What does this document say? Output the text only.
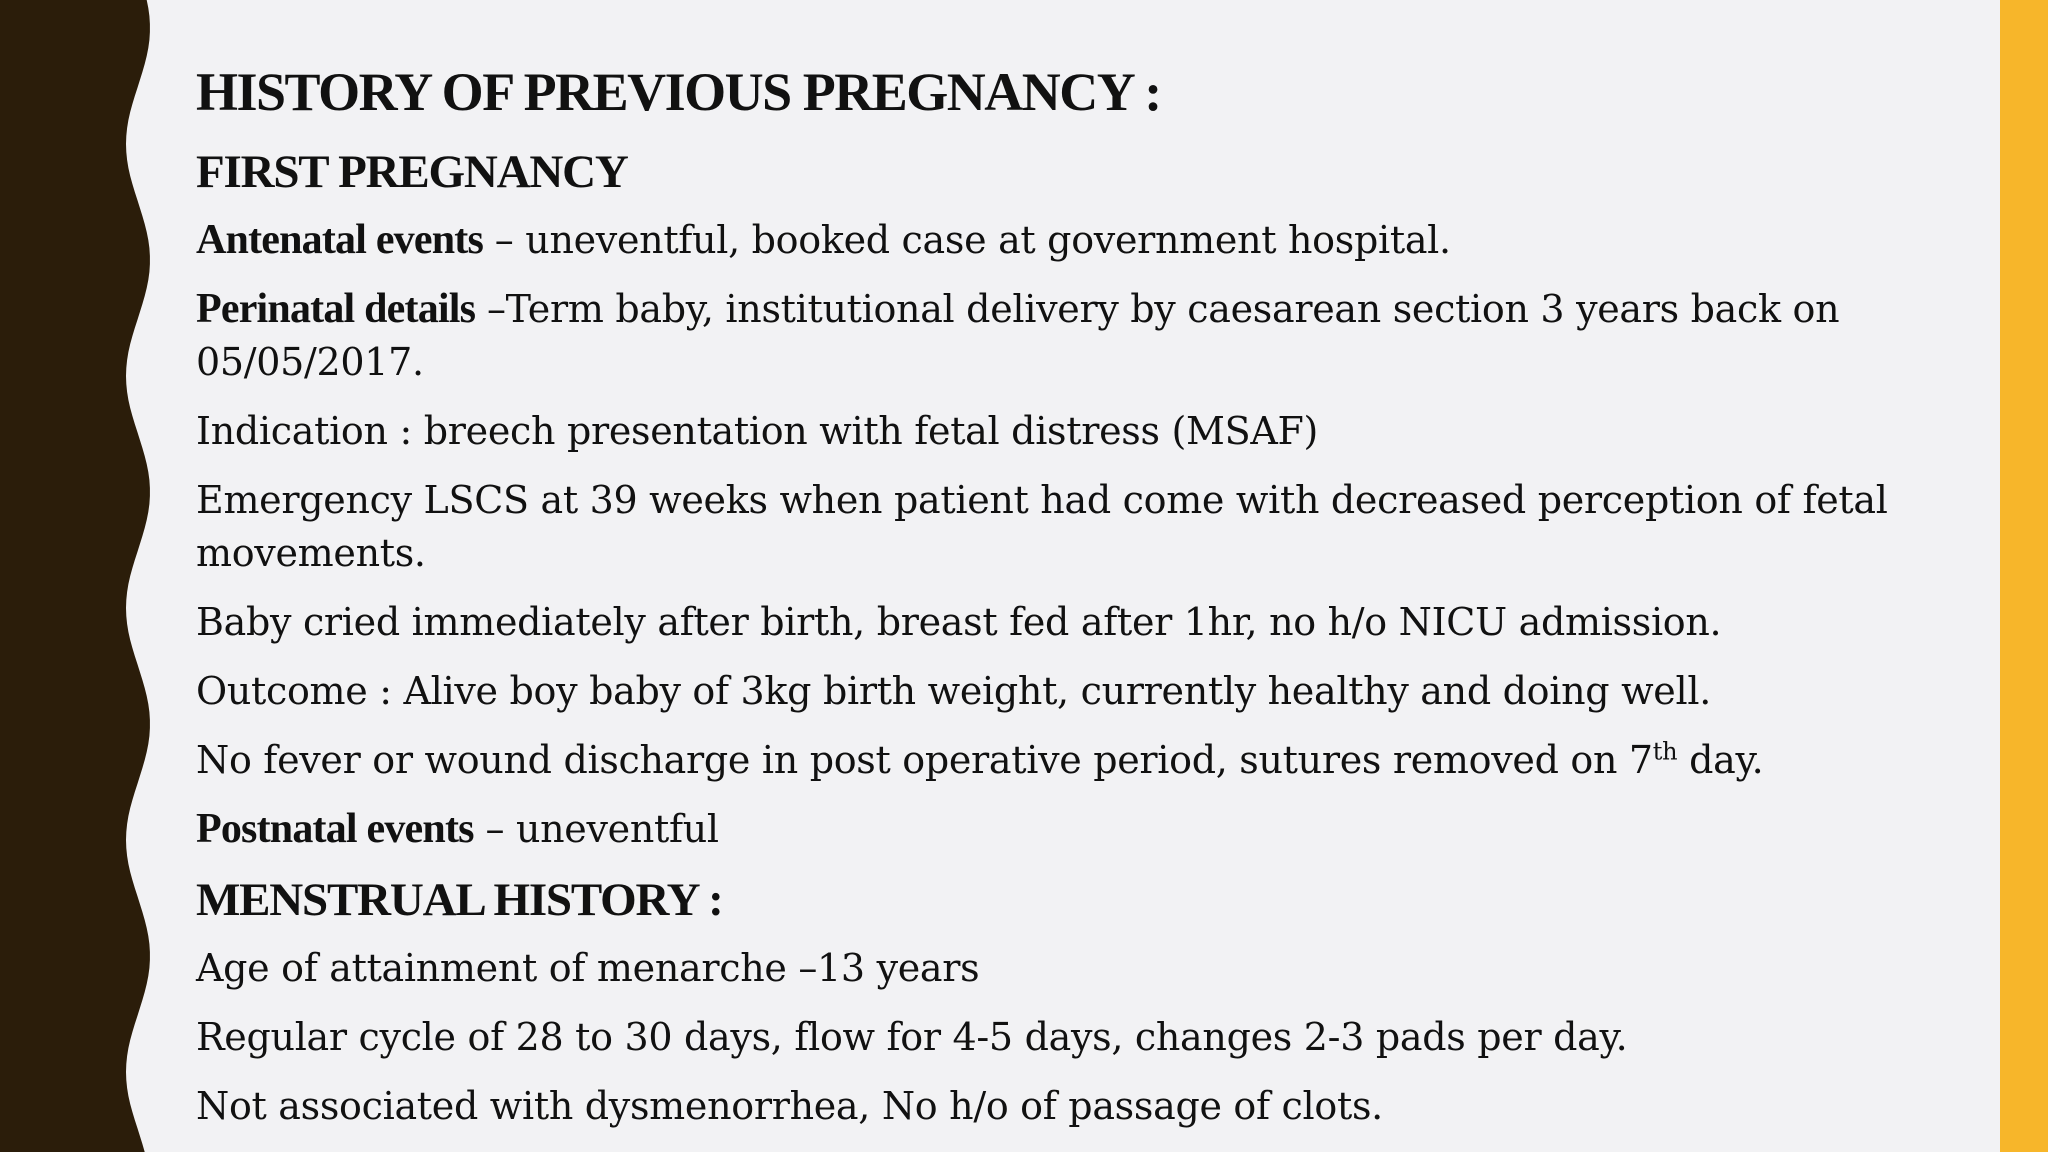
HISTORY OF PREVIOUS PREGNANCY :
FIRST PREGNANCY
Antenatal events – uneventful, booked case at government hospital.
Perinatal details –Term baby, institutional delivery by caesarean section 3 years back on 05/05/2017.
Indication : breech presentation with fetal distress (MSAF)
Emergency LSCS at 39 weeks when patient had come with decreased perception of fetal movements.
Baby cried immediately after birth, breast fed after 1hr, no h/o NICU admission.
Outcome : Alive boy baby of 3kg birth weight, currently healthy and doing well.
No fever or wound discharge in post operative period, sutures removed on 7th day.
Postnatal events – uneventful
MENSTRUAL HISTORY :
Age of attainment of menarche –13 years
Regular cycle of 28 to 30 days, flow for 4-5 days, changes 2-3 pads per day.
Not associated with dysmenorrhea, No h/o of passage of clots.
